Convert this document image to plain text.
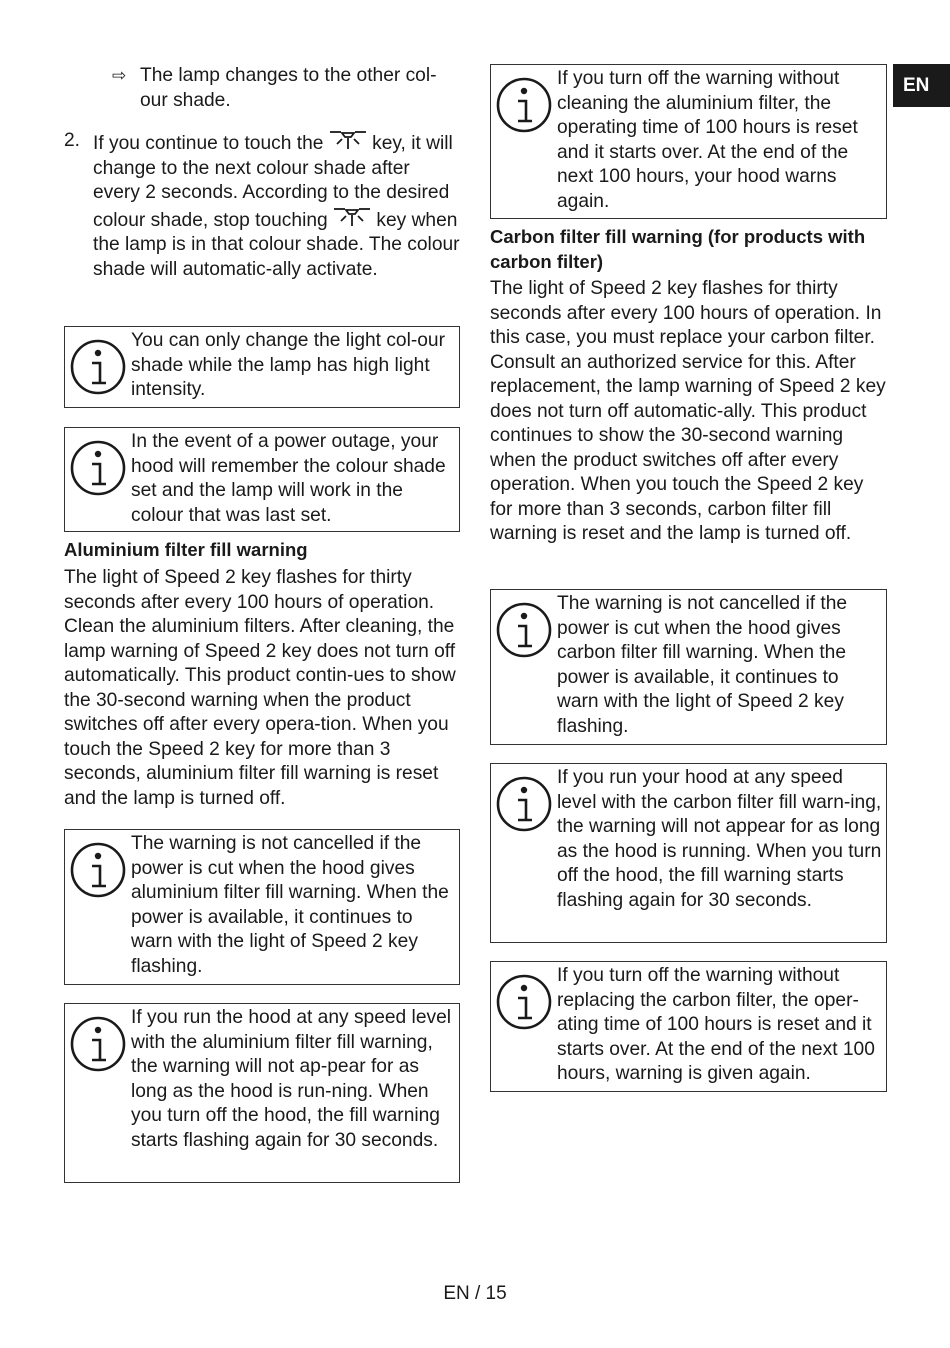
EN
⇨ The lamp changes to the other col-our shade.
2. If you continue to touch the	key, it will change to the next colour shade after every 2 seconds. According to the desired colour shade, stop touching	key when the lamp is in that colour shade. The colour shade will automatic-ally activate.
You can only change the light col-our shade while the lamp has high light intensity.
In the event of a power outage, your hood will remember the colour shade set and the lamp will work in the colour that was last set.
Aluminium filter fill warning
The light of Speed 2 key flashes for thirty seconds after every 100 hours of operation. Clean the aluminium filters. After cleaning, the lamp warning of Speed 2 key does not turn off automatically. This product contin-ues to show the 30-second warning when the product switches off after every opera-tion. When you touch the Speed 2 key for more than 3 seconds, aluminium filter fill warning is reset and the lamp is turned off.
The warning is not cancelled if the power is cut when the hood gives aluminium filter fill warning. When the power is available, it continues to warn with the light of Speed 2 key flashing.
If you run the hood at any speed level with the aluminium filter fill warning, the warning will not ap-pear for as long as the hood is run-ning. When you turn off the hood, the fill warning starts flashing again for 30 seconds.
If you turn off the warning without cleaning the aluminium filter, the operating time of 100 hours is reset and it starts over. At the end of the next 100 hours, your hood warns again.
Carbon filter fill warning (for products with carbon filter)
The light of Speed 2 key flashes for thirty seconds after every 100 hours of operation. In this case, you must replace your carbon filter. Consult an authorized service for this. After replacement, the lamp warning of Speed 2 key does not turn off automatic-ally. This product continues to show the 30-second warning when the product switches off after every operation. When you touch the Speed 2 key for more than 3 seconds, carbon filter fill warning is reset and the lamp is turned off.
The warning is not cancelled if the power is cut when the hood gives carbon filter fill warning. When the power is available, it continues to warn with the light of Speed 2 key flashing.
If you run your hood at any speed level with the carbon filter fill warn-ing, the warning will not appear for as long as the hood is running. When you turn off the hood, the fill warning starts flashing again for 30 seconds.
If you turn off the warning without replacing the carbon filter, the oper-ating time of 100 hours is reset and it starts over. At the end of the next 100 hours, warning is given again.
EN / 15
